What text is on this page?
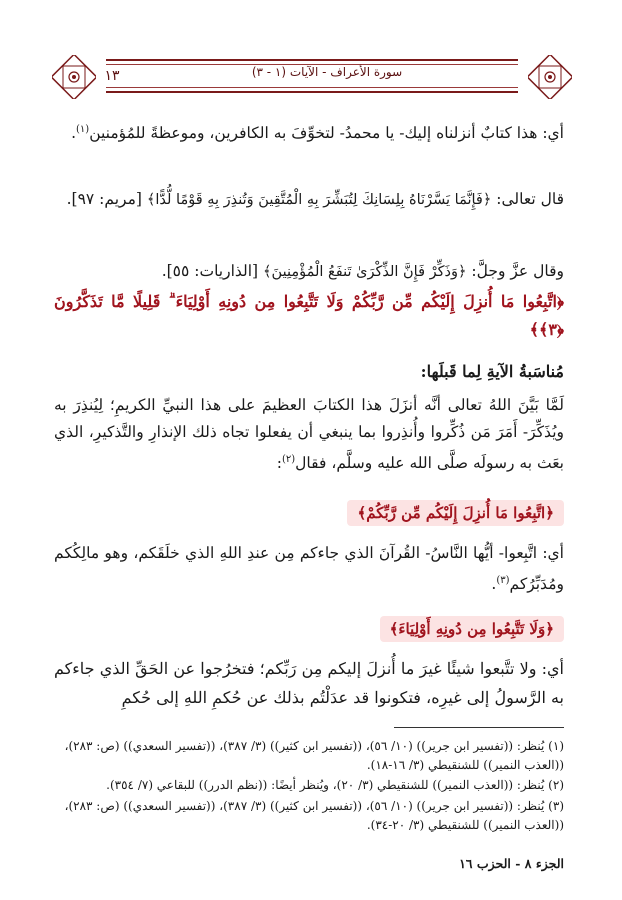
١٣	سورة الأعراف - الآيات (١ - ٣)
أي: هذا كتابٌ أنزلناه إليك- يا محمدُ- لتخوِّفَ به الكافرين، وموعظةً للمُؤمنين$^{(١)}$.
قال تعالى: ﴿فَإِنَّمَا يَسَّرْنَاهُ بِلِسَانِكَ لِتُبَشِّرَ بِهِ الْمُتَّقِينَ وَتُنذِرَ بِهِ قَوْمًا لُّدًّا﴾ [مريم: ٩٧].
وقال عزَّ وجلَّ: ﴿وَذَكِّرْ فَإِنَّ الذِّكْرَىٰ تَنفَعُ الْمُؤْمِنِينَ﴾ [الذاريات: ٥٥].
﴿اتَّبِعُوا مَا أُنزِلَ إِلَيْكُم مِّن رَّبِّكُمْ وَلَا تَتَّبِعُوا مِن دُونِهِ أَوْلِيَاءَ ۗ قَلِيلًا مَّا تَذَكَّرُونَ ﴿٣﴾﴾
مُناسَبةُ الآيةِ لِما قَبلَها:
لَمَّا بَيَّنَ اللهُ تعالى أنَّه أنزَلَ هذا الكتابَ العظيمَ على هذا النبيِّ الكريمِ؛ لِيُنذِرَ به ويُذَكِّرَ- أَمَرَ مَن ذُكِّروا وأُنذِروا بما ينبغي أن يفعلوا تجاه ذلك الإنذارِ والتَّذكيرِ، الذي بعَث به رسولَه صلَّى الله عليه وسلَّم، فقال$^{(٢)}$:
﴿اتَّبِعُوا مَا أُنزِلَ إِلَيْكُم مِّن رَّبِّكُمْ﴾
أي: اتَّبِعوا- أيُّها النَّاسُ- القُرآنَ الذي جاءكم مِن عندِ اللهِ الذي خلَقَكم، وهو مالِكُكم ومُدَبِّرُكم$^{(٣)}$.
﴿وَلَا تَتَّبِعُوا مِن دُونِهِ أَوْلِيَاءَ﴾
أي: ولا تتَّبعوا شيئًا غيرَ ما أُنزلَ إليكم مِن رَبِّكم؛ فتخرُجوا عن الحَقِّ الذي جاءكم به الرَّسولُ إلى غيرِه، فتكونوا قد عدَلْتُم بذلك عن حُكمِ اللهِ إلى حُكمِ
(١) يُنظر: ((تفسير ابن جرير)) (١٠/ ٥٦)، ((تفسير ابن كثير)) (٣/ ٣٨٧)، ((تفسير السعدي)) (ص: ٢٨٣)، ((العذب النمير)) للشنقيطي (٣/ ١٦-١٨).
(٢) يُنظر: ((العذب النمير)) للشنقيطي (٣/ ٢٠)، ويُنظر أيضًا: ((نظم الدرر)) للبقاعي (٧/ ٣٥٤).
(٣) يُنظر: ((تفسير ابن جرير)) (١٠/ ٥٦)، ((تفسير ابن كثير)) (٣/ ٣٨٧)، ((تفسير السعدي)) (ص: ٢٨٣)، ((العذب النمير)) للشنقيطي (٣/ ٢٠-٣٤).
الجزء ٨ - الحزب ١٦
